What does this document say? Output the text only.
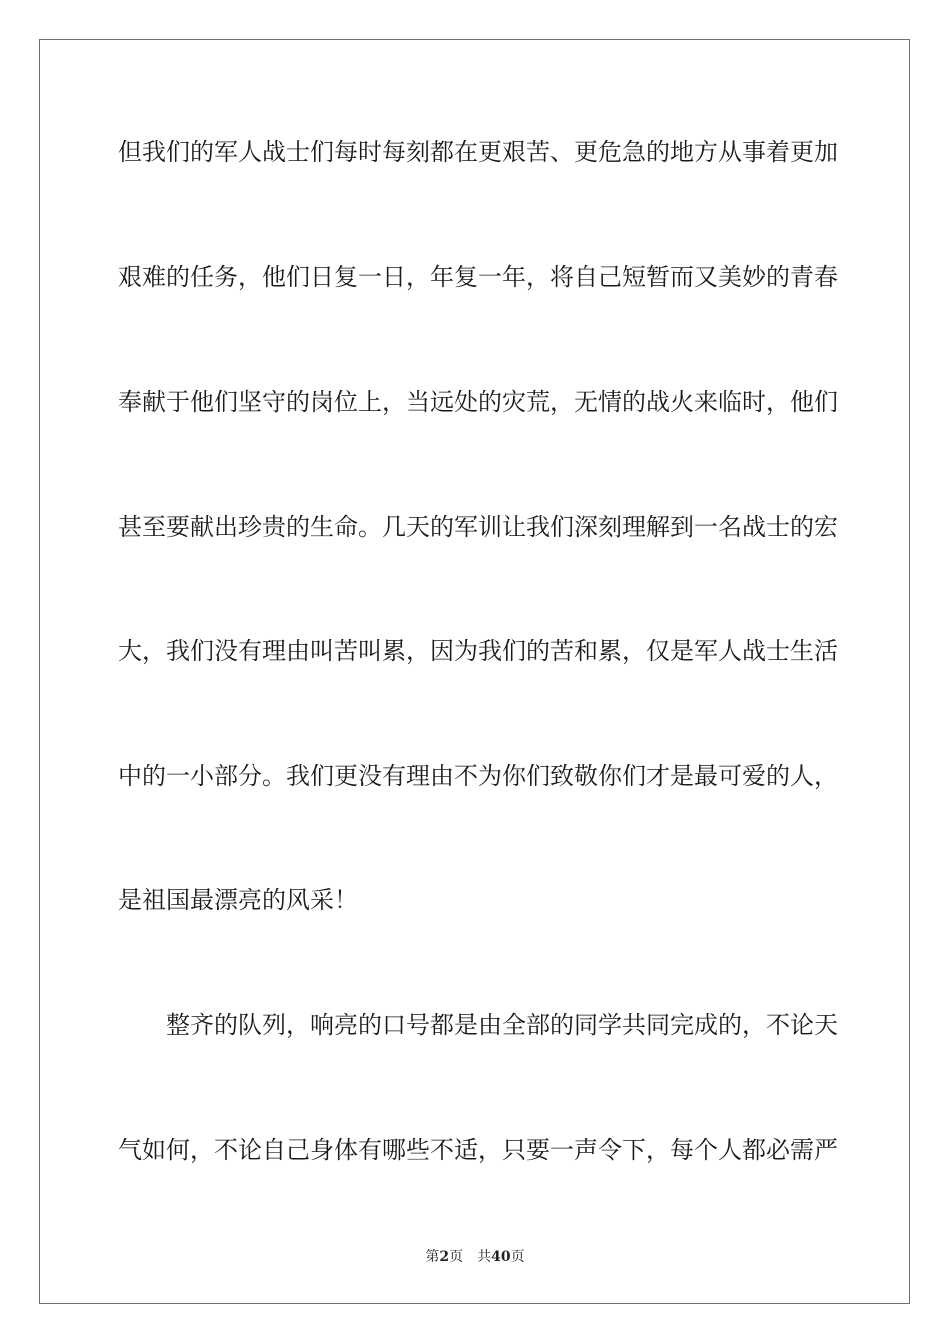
但我们的军人战士们每时每刻都在更艰苦、更危急的地方从事着更加
艰难的任务，他们日复一日，年复一年，将自己短暂而又美妙的青春
奉献于他们坚守的岗位上，当远处的灾荒，无情的战火来临时，他们
甚至要献出珍贵的生命。几天的军训让我们深刻理解到一名战士的宏
大，我们没有理由叫苦叫累，因为我们的苦和累，仅是军人战士生活
中的一小部分。我们更没有理由不为你们致敬你们才是最可爱的人，
是祖国最漂亮的风采！
整齐的队列，响亮的口号都是由全部的同学共同完成的，不论天
气如何，不论自己身体有哪些不适，只要一声令下，每个人都必需严
第2页 共40页
